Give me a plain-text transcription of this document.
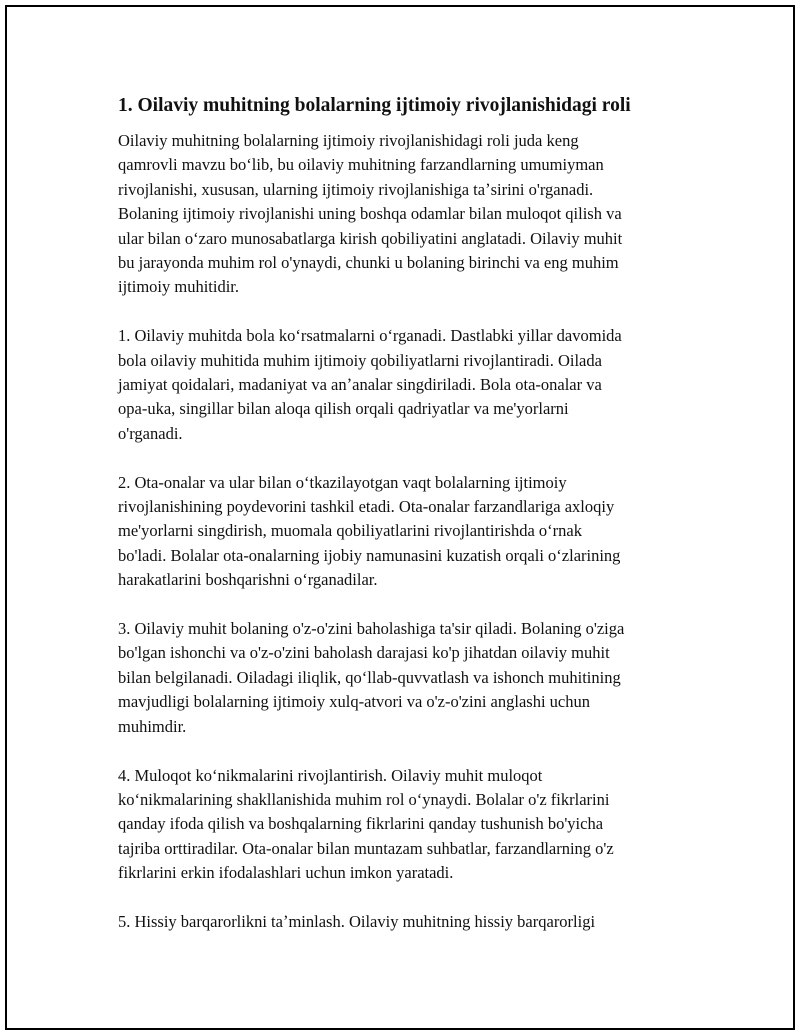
1. Oilaviy muhitning bolalarning ijtimoiy rivojlanishidagi roli
Oilaviy muhitning bolalarning ijtimoiy rivojlanishidagi roli juda keng
qamrovli mavzu boʻlib, bu oilaviy muhitning farzandlarning umumiyman
rivojlanishi, xususan, ularning ijtimoiy rivojlanishiga taʼsirini o'rganadi.
Bolaning ijtimoiy rivojlanishi uning boshqa odamlar bilan muloqot qilish va
ular bilan oʻzaro munosabatlarga kirish qobiliyatini anglatadi. Oilaviy muhit
bu jarayonda muhim rol o'ynaydi, chunki u bolaning birinchi va eng muhim
ijtimoiy muhitidir.
1. Oilaviy muhitda bola koʻrsatmalarni oʻrganadi. Dastlabki yillar davomida
bola oilaviy muhitida muhim ijtimoiy qobiliyatlarni rivojlantiradi. Oilada
jamiyat qoidalari, madaniyat va anʼanalar singdiriladi. Bola ota-onalar va
opa-uka, singillar bilan aloqa qilish orqali qadriyatlar va me'yorlarni
o'rganadi.
2. Ota-onalar va ular bilan oʻtkazilayotgan vaqt bolalarning ijtimoiy
rivojlanishining poydevorini tashkil etadi. Ota-onalar farzandlariga axloqiy
me'yorlarni singdirish, muomala qobiliyatlarini rivojlantirishda oʻrnak
bo'ladi. Bolalar ota-onalarning ijobiy namunasini kuzatish orqali oʻzlarining
harakatlarini boshqarishni oʻrganadilar.
3. Oilaviy muhit bolaning o'z-o'zini baholashiga ta'sir qiladi. Bolaning o'ziga
bo'lgan ishonchi va o'z-o'zini baholash darajasi ko'p jihatdan oilaviy muhit
bilan belgilanadi. Oiladagi iliqlik, qoʻllab-quvvatlash va ishonch muhitining
mavjudligi bolalarning ijtimoiy xulq-atvori va o'z-o'zini anglashi uchun
muhimdir.
4. Muloqot koʻnikmalarini rivojlantirish. Oilaviy muhit muloqot
koʻnikmalarining shakllanishida muhim rol oʻynaydi. Bolalar o'z fikrlarini
qanday ifoda qilish va boshqalarning fikrlarini qanday tushunish bo'yicha
tajriba orttiradilar. Ota-onalar bilan muntazam suhbatlar, farzandlarning o'z
fikrlarini erkin ifodalashlari uchun imkon yaratadi.
5. Hissiy barqarorlikni taʼminlash. Oilaviy muhitning hissiy barqarorligi
